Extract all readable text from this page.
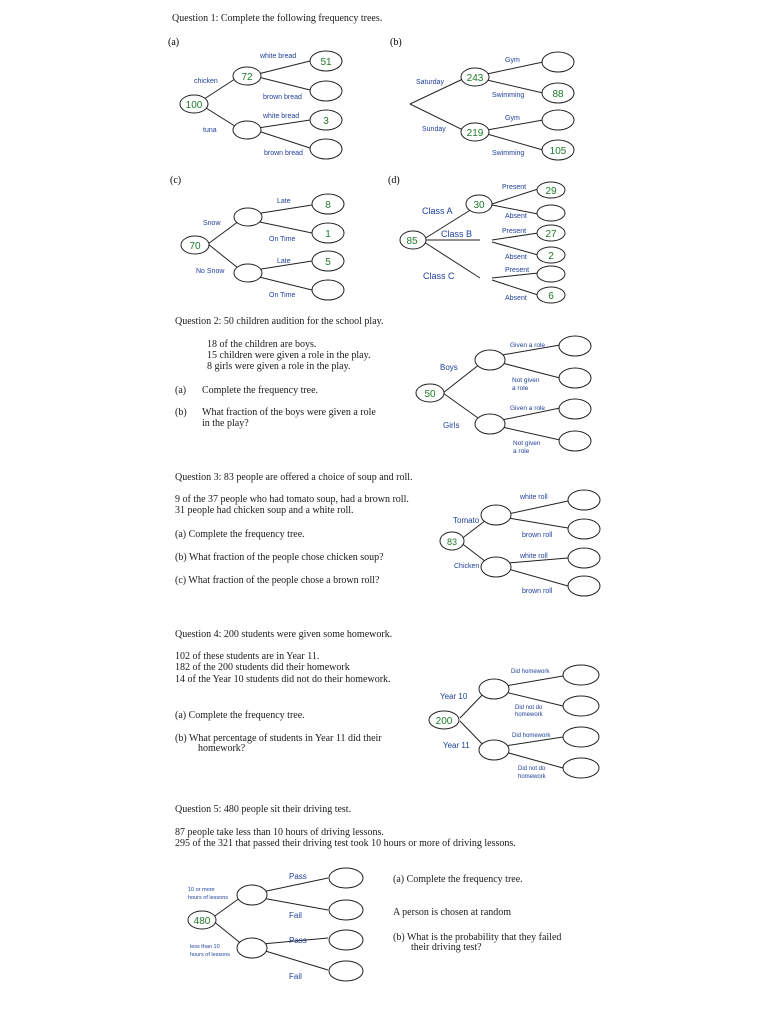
Question 1: Complete the following frequency trees.
(a)
100
72
51
3
chicken
tuna
white bread
brown bread
white bread
brown bread
(b)
243
219
88
105
Saturday
Sunday
Gym
Swimming
Gym
Swimming
(c)
70
8
1
5
Snow
No Snow
Late
On Time
Late
On Time
(d)
85
30
29
27
2
6
Class A
Class B
Class C
Present
Absent
Present
Absent
Present
Absent
Question 2: 50 children audition for the school play.
18 of the children are boys.
15 children were given a role in the play.
8 girls were given a role in the play.
(a) Complete the frequency tree.
(b) What fraction of the boys were given a role
in the play?
50
Boys
Girls
Given a role
Not given
a role
Given a role
Not given
a role
Question 3: 83 people are offered a choice of soup and roll.
9 of the 37 people who had tomato soup, had a brown roll.
31 people had chicken soup and a white roll.
(a) Complete the frequency tree.
(b) What fraction of the people chose chicken soup?
(c) What fraction of the people chose a brown roll?
83
Tomato
Chicken
white roll
brown roll
white roll
brown roll
Question 4: 200 students were given some homework.
102 of these students are in Year 11.
182 of the 200 students did their homework
14 of the Year 10 students did not do their homework.
(a) Complete the frequency tree.
(b) What percentage of students in Year 11 did their
homework?
200
Year 10
Year 11
Did homework
Did not do
homework
Did homework
Did not do
homework
Question 5: 480 people sit their driving test.
87 people take less than 10 hours of driving lessons.
295 of the 321 that passed their driving test took 10 hours or more of driving lessons.
(a) Complete the frequency tree.
A person is chosen at random
(b) What is the probability that they failed
their driving test?
480
10 or more
hours of lessons
less than 10
hours of lessons
Pass
Fail
Pass
Fail
